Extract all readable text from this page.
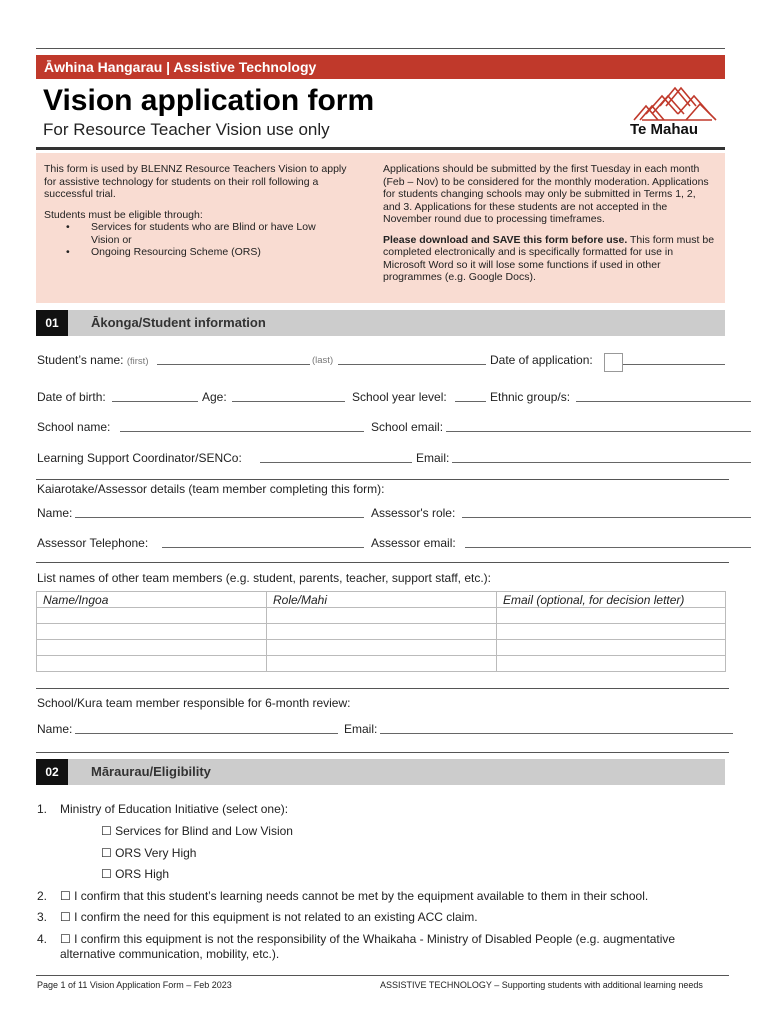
Āwhina Hangarau | Assistive Technology
Vision application form
For Resource Teacher Vision use only	Te Mahau

This form is used by BLENNZ Resource Teachers Vision to apply for assistive technology for students on their roll following a successful trial.

Students must be eligible through:

•	Services for students who are Blind or have Low Vision or
•	Ongoing Resourcing Scheme (ORS)

Applications should be submitted by the first Tuesday in each month (Feb – Nov) to be considered for the monthly moderation. Applications for students changing schools may only be submitted in Terms 1, 2, and 3. Applications for these students are not accepted in the November round due to processing timeframes.

Please download and SAVE this form before use. This form must be completed electronically and is specifically formatted for use in Microsoft Word so it will lose some functions if used in other programmes (e.g. Google Docs).

01	Ākonga/Student information
Student’s name: (first)	(last)	Date of application:
Date of birth:	Age:	School year level:	Ethnic group/s:
School name:	School email:
Learning Support Coordinator/SENCo:	Email:
Kaiarotake/Assessor details (team member completing this form):
Name:	Assessor's role:
Assessor Telephone:	Assessor email:
List names of other team members (e.g. student, parents, teacher, support staff, etc.):
Name/Ingoa	Role/Mahi	Email (optional, for decision letter)

School/Kura team member responsible for 6-month review:
Name:	Email:
02	Māraurau/Eligibility
1. Ministry of Education Initiative (select one):
☐ Services for Blind and Low Vision
☐ ORS Very High
☐ ORS High
2. ☐ I confirm that this student’s learning needs cannot be met by the equipment available to them in their school.
3. ☐ I confirm the need for this equipment is not related to an existing ACC claim.
4. ☐ I confirm this equipment is not the responsibility of the Whaikaha - Ministry of Disabled People (e.g. augmentative alternative communication, mobility, etc.).
Page 1 of 11 Vision Application Form – Feb 2023	ASSISTIVE TECHNOLOGY – Supporting students with additional learning needs
